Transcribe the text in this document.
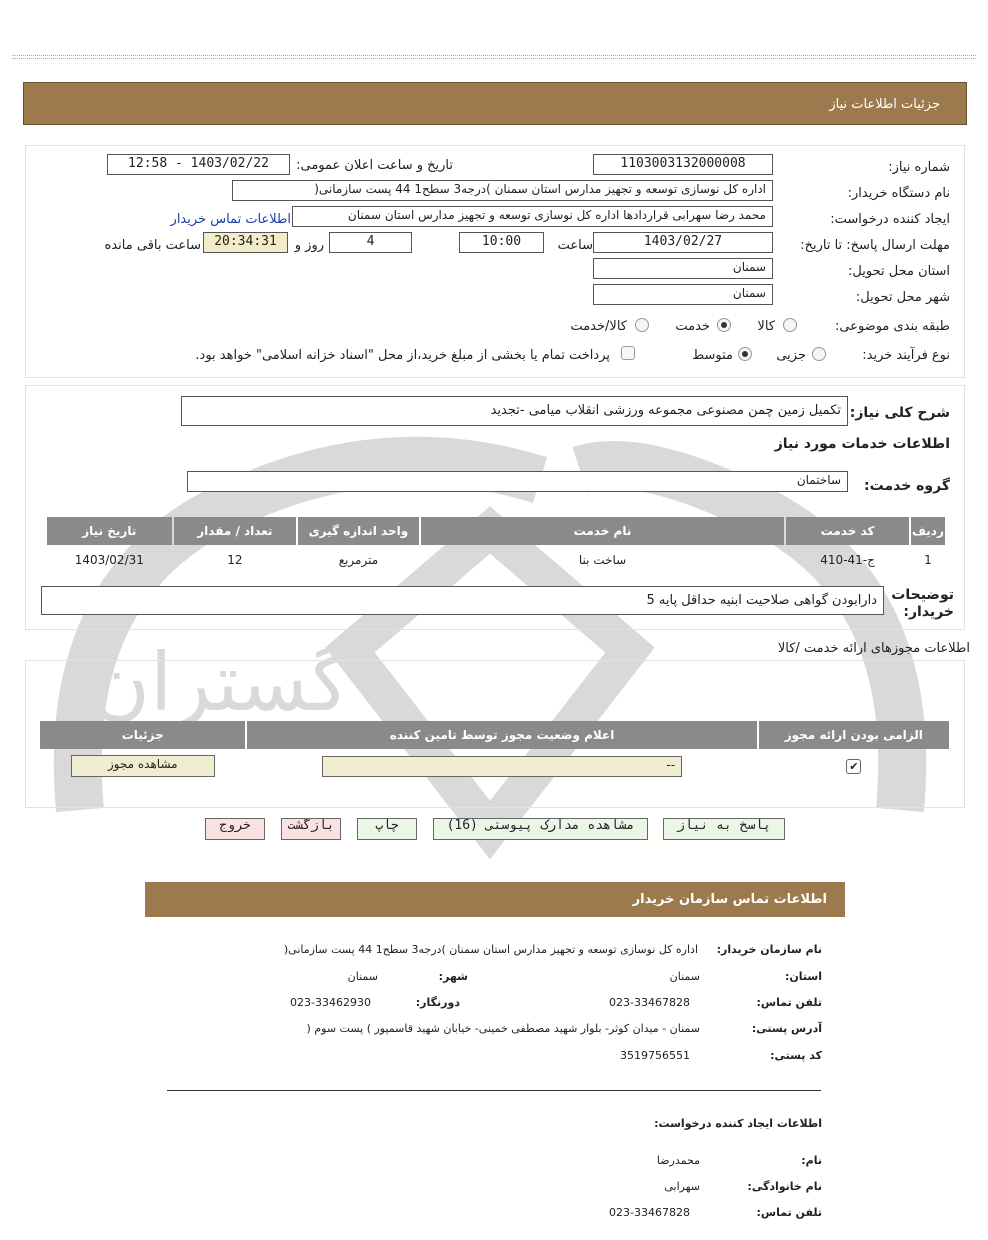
جزئیات اطلاعات نیاز
گستران
شماره نیاز:
1103003132000008
تاریخ و ساعت اعلان عمومی:
1403/02/22 - 12:58
نام دستگاه خریدار:
اداره کل نوسازی توسعه و تجهیز مدارس استان سمنان )درجه3 سطح1 44 پست سازمانی(
ایجاد کننده درخواست:
محمد رضا سهرابی قراردادها اداره کل نوسازی توسعه و تجهیز مدارس استان سمنان
اطلاعات تماس خریدار
مهلت ارسال پاسخ: تا تاریخ:
1403/02/27
ساعت
10:00
4
روز و
20:34:31
ساعت باقی مانده
استان محل تحویل:
سمنان
شهر محل تحویل:
سمنان
طبقه بندی موضوعی:
کالا
خدمت
کالا/خدمت
نوع فرآیند خرید:
جزیی
متوسط
پرداخت تمام یا بخشی از مبلغ خرید،از محل "اسناد خزانه اسلامی" خواهد بود.
شرح کلی نیاز:
تکمیل زمین چمن مصنوعی مجموعه ورزشی انقلاب میامی -تجدید
اطلاعات خدمات مورد نیاز
گروه خدمت:
ساختمان
ردیف	کد خدمت	نام خدمت	واحد اندازه گیری	تعداد / مقدار	تاریخ نیاز
1	ج-41-410	ساخت بنا	مترمربع	12	1403/02/31
توضیحات خریدار:
دارابودن گواهی صلاحیت ابنیه حداقل پایه 5
اطلاعات مجوزهای ارائه خدمت /کالا
الزامی بودن ارائه مجوز	اعلام وضعیت مجوز توسط تامین کننده	جزئیات
✔	--	مشاهده مجوز
پاسخ به نیاز
مشاهده مدارک پیوستی (16)
چاپ
بازگشت
خروج
اطلاعات تماس سازمان خریدار
نام سازمان خریدار:
اداره کل نوسازی توسعه و تجهیز مدارس استان سمنان )درجه3 سطح1 44 پست سازمانی(
استان:
سمنان
شهر:
سمنان
تلفن تماس:
023-33467828
دورنگار:
023-33462930
آدرس پستی:
سمنان - میدان کوثر- بلوار شهید مصطفی خمینی- خیابان شهید قاسمپور ) پست سوم (
کد پستی:
3519756551
اطلاعات ایجاد کننده درخواست:
نام:
محمدرضا
نام خانوادگی:
سهرابی
تلفن تماس:
023-33467828
